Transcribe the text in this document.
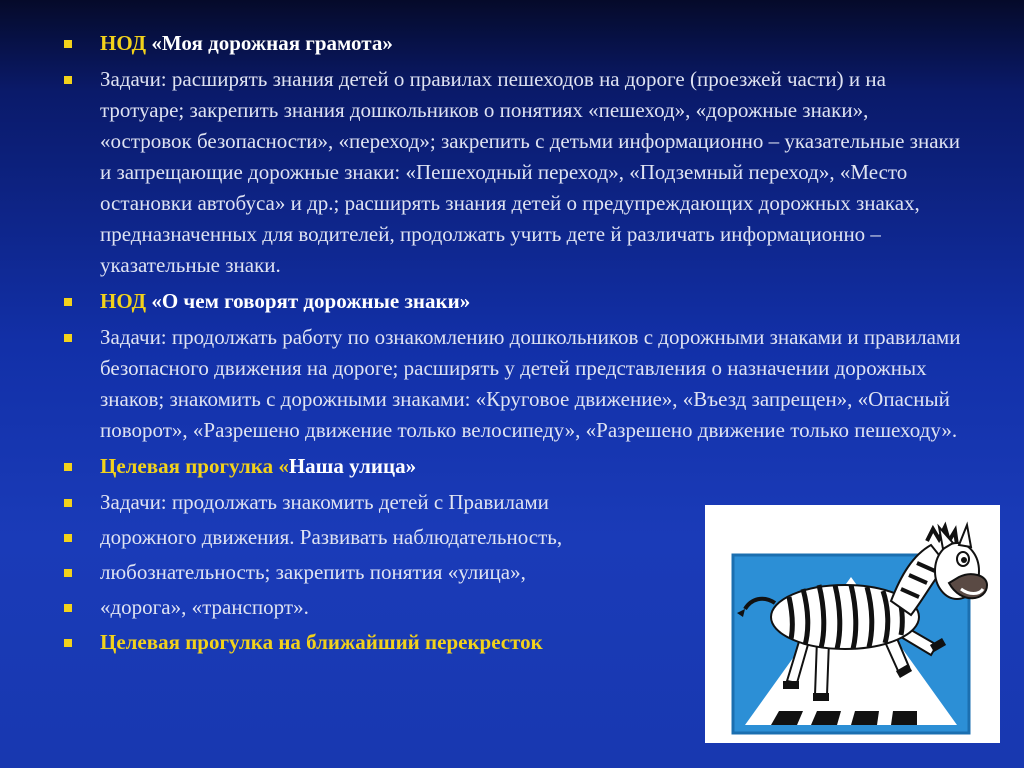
НОД «Моя дорожная грамота»
Задачи: расширять знания детей о правилах пешеходов на дороге (проезжей части) и на тротуаре; закрепить знания дошкольников о понятиях «пешеход», «дорожные знаки», «островок безопасности», «переход»; закрепить с детьми информационно – указательные знаки и запрещающие дорожные знаки: «Пешеходный переход», «Подземный переход», «Место остановки автобуса» и др.; расширять знания детей о предупреждающих дорожных знаках, предназначенных для водителей, продолжать учить дете й различать информационно – указательные знаки.
НОД «О чем говорят дорожные знаки»
Задачи: продолжать работу по ознакомлению дошкольников с дорожными знаками и правилами безопасного движения на дороге; расширять у детей представления о назначении дорожных знаков; знакомить с дорожными знаками: «Круговое движение», «Въезд запрещен», «Опасный поворот», «Разрешено движение только велосипеду», «Разрешено движение только пешеходу».
Целевая прогулка «Наша улица»
Задачи: продолжать знакомить детей с Правилами
дорожного движения. Развивать наблюдательность,
любознательность; закрепить понятия «улица»,
«дорога», «транспорт».
Целевая прогулка на ближайший перекресток
